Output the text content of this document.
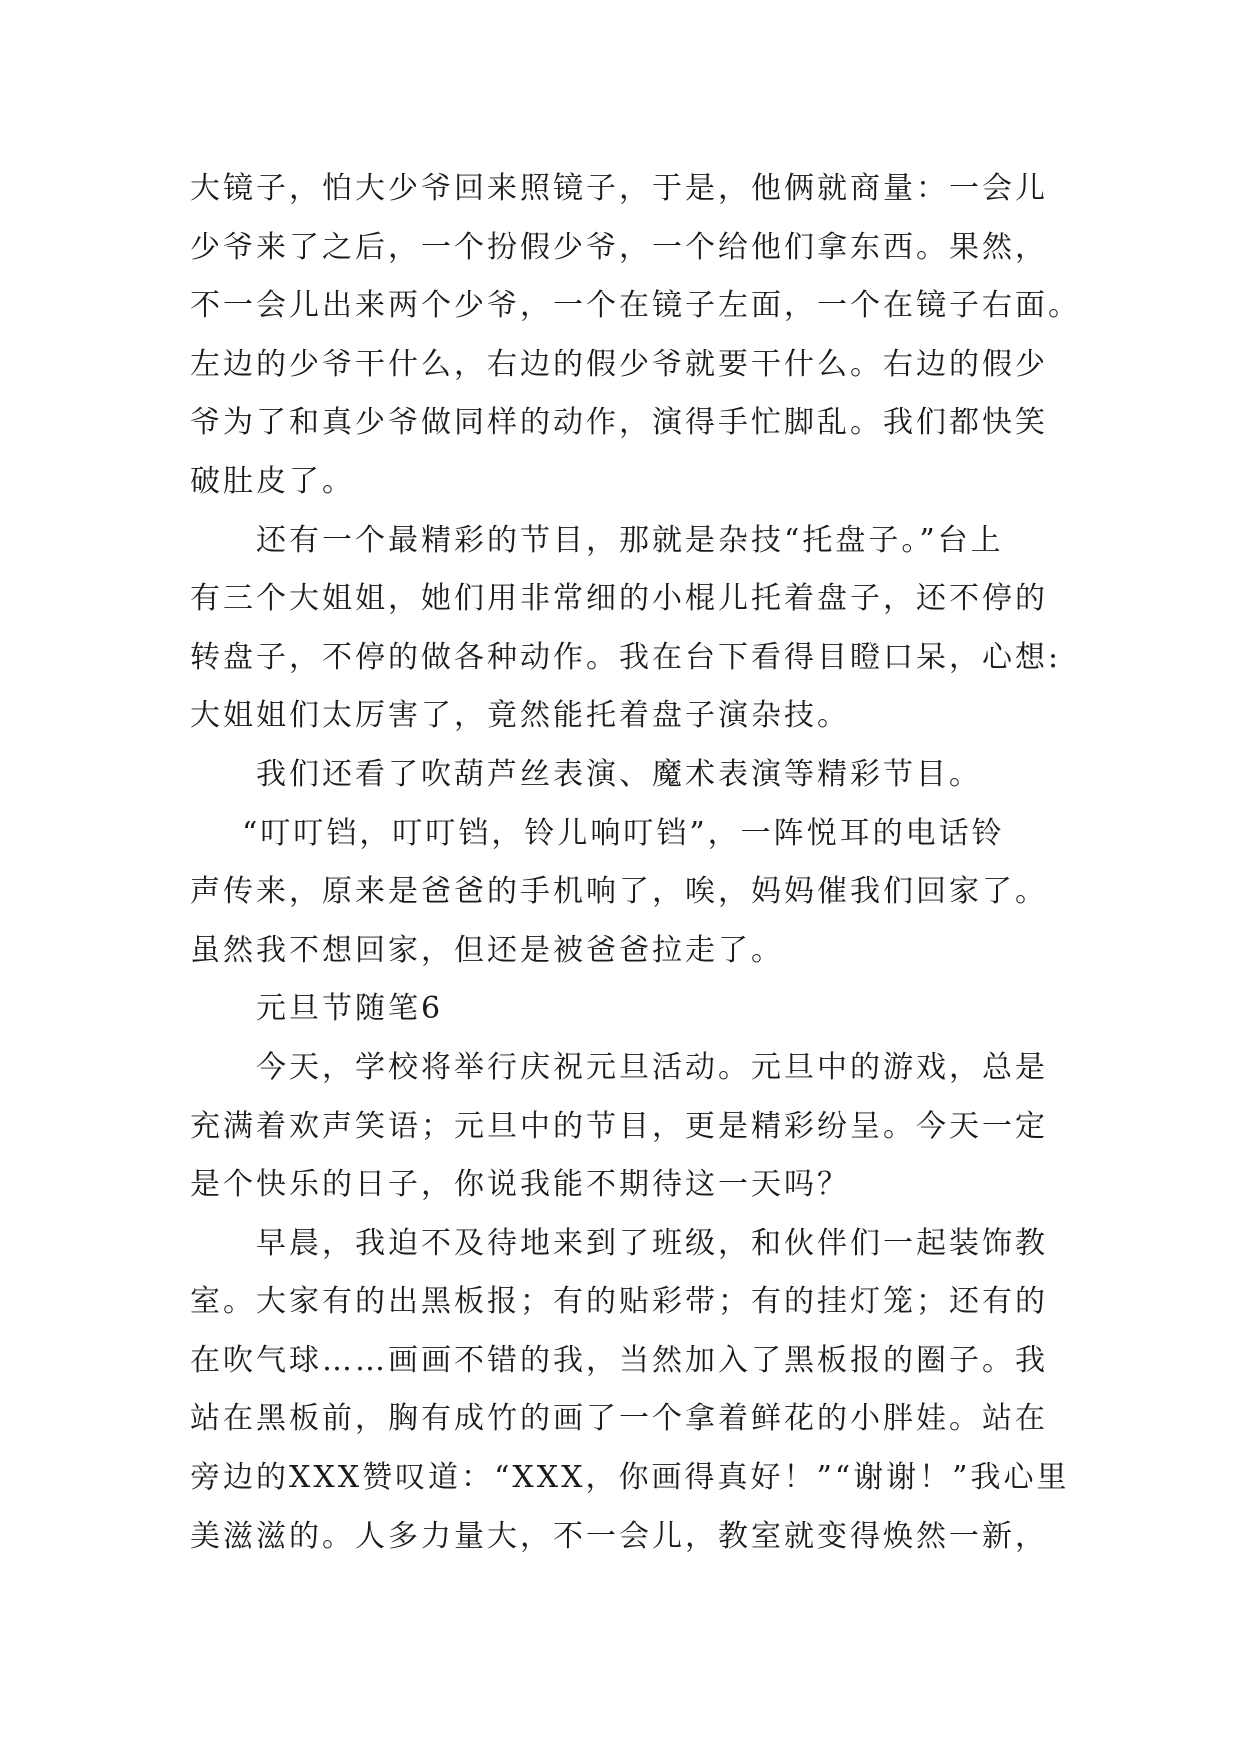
大镜子，怕大少爷回来照镜子，于是，他俩就商量：一会儿
少爷来了之后，一个扮假少爷，一个给他们拿东西。果然，
不一会儿出来两个少爷，一个在镜子左面，一个在镜子右面。
左边的少爷干什么，右边的假少爷就要干什么。右边的假少
爷为了和真少爷做同样的动作，演得手忙脚乱。我们都快笑
破肚皮了。
还有一个最精彩的节目，那就是杂技“托盘子。”台上
有三个大姐姐，她们用非常细的小棍儿托着盘子，还不停的
转盘子，不停的做各种动作。我在台下看得目瞪口呆，心想:
大姐姐们太厉害了，竟然能托着盘子演杂技。
我们还看了吹葫芦丝表演、魔术表演等精彩节目。
“叮叮铛，叮叮铛，铃儿响叮铛”，一阵悦耳的电话铃
声传来，原来是爸爸的手机响了，唉，妈妈催我们回家了。
虽然我不想回家，但还是被爸爸拉走了。
元旦节随笔6
今天，学校将举行庆祝元旦活动。元旦中的游戏，总是
充满着欢声笑语；元旦中的节目，更是精彩纷呈。今天一定
是个快乐的日子，你说我能不期待这一天吗？
早晨，我迫不及待地来到了班级，和伙伴们一起装饰教
室。大家有的出黑板报；有的贴彩带；有的挂灯笼；还有的
在吹气球……画画不错的我，当然加入了黑板报的圈子。我
站在黑板前，胸有成竹的画了一个拿着鲜花的小胖娃。站在
旁边的XXX赞叹道：“XXX，你画得真好！”“谢谢！”我心里
美滋滋的。人多力量大，不一会儿，教室就变得焕然一新，
